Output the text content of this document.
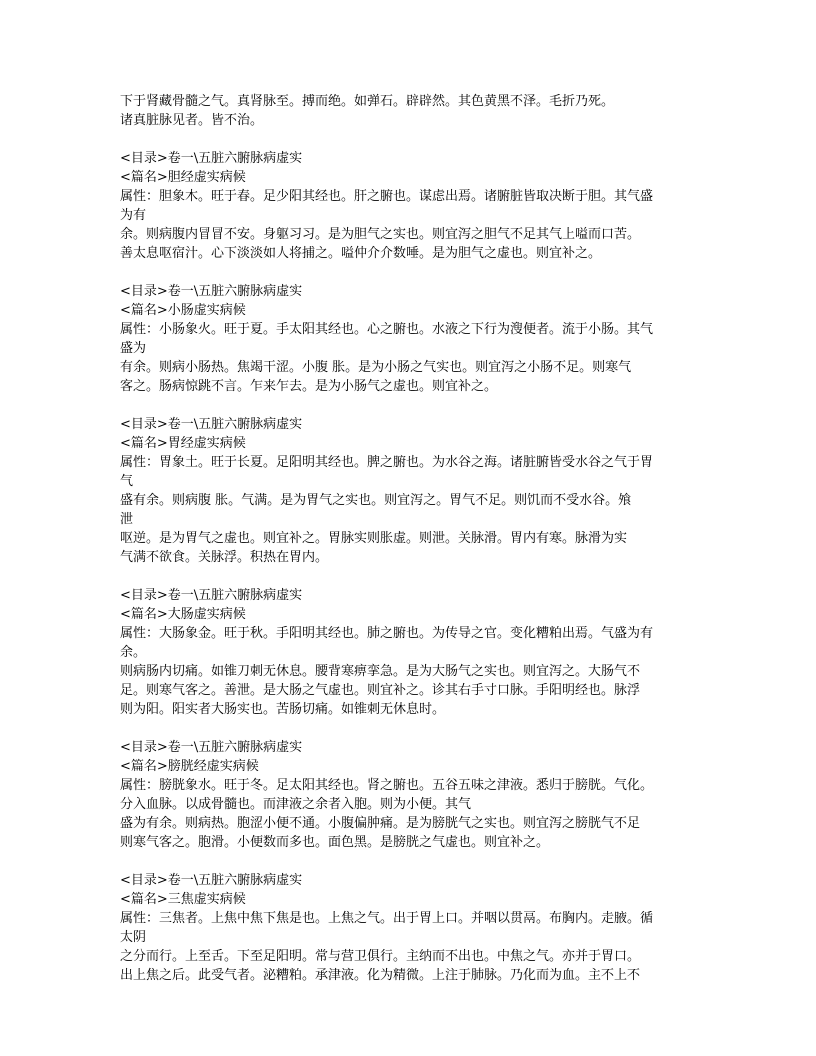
下于肾藏骨髓之气。真肾脉至。搏而绝。如弹石。辟辟然。其色黄黑不泽。毛折乃死。
诸真脏脉见者。皆不治。
<目录>卷一\五脏六腑脉病虚实
<篇名>胆经虚实病候
属性：胆象木。旺于春。足少阳其经也。肝之腑也。谋虑出焉。诸腑脏皆取决断于胆。其气盛
为有
余。则病腹内冒冒不安。身躯习习。是为胆气之实也。则宜泻之胆气不足其气上嗌而口苦。
善太息呕宿汁。心下淡淡如人将捕之。嗌仲介介数唾。是为胆气之虚也。则宜补之。
<目录>卷一\五脏六腑脉病虚实
<篇名>小肠虚实病候
属性：小肠象火。旺于夏。手太阳其经也。心之腑也。水液之下行为溲便者。流于小肠。其气
盛为
有余。则病小肠热。焦竭干涩。小腹 胀。是为小肠之气实也。则宜泻之小肠不足。则寒气
客之。肠病惊跳不言。乍来乍去。是为小肠气之虚也。则宜补之。
<目录>卷一\五脏六腑脉病虚实
<篇名>胃经虚实病候
属性：胃象土。旺于长夏。足阳明其经也。脾之腑也。为水谷之海。诸脏腑皆受水谷之气于胃
气
盛有余。则病腹 胀。气满。是为胃气之实也。则宜泻之。胃气不足。则饥而不受水谷。飧
泄
呕逆。是为胃气之虚也。则宜补之。胃脉实则胀虚。则泄。关脉滑。胃内有寒。脉滑为实
气满不欲食。关脉浮。积热在胃内。
<目录>卷一\五脏六腑脉病虚实
<篇名>大肠虚实病候
属性：大肠象金。旺于秋。手阳明其经也。肺之腑也。为传导之官。变化糟粕出焉。气盛为有
余。
则病肠内切痛。如锥刀刺无休息。腰背寒痹挛急。是为大肠气之实也。则宜泻之。大肠气不
足。则寒气客之。善泄。是大肠之气虚也。则宜补之。诊其右手寸口脉。手阳明经也。脉浮
则为阳。阳实者大肠实也。苦肠切痛。如锥刺无休息时。
<目录>卷一\五脏六腑脉病虚实
<篇名>膀胱经虚实病候
属性：膀胱象水。旺于冬。足太阳其经也。肾之腑也。五谷五味之津液。悉归于膀胱。气化。
分入血脉。以成骨髓也。而津液之余者入胞。则为小便。其气
盛为有余。则病热。胞涩小便不通。小腹偏肿痛。是为膀胱气之实也。则宜泻之膀胱气不足
则寒气客之。胞滑。小便数而多也。面色黑。是膀胱之气虚也。则宜补之。
<目录>卷一\五脏六腑脉病虚实
<篇名>三焦虚实病候
属性：三焦者。上焦中焦下焦是也。上焦之气。出于胃上口。并咽以贯鬲。布胸内。走腋。循
太阴
之分而行。上至舌。下至足阳明。常与营卫俱行。主纳而不出也。中焦之气。亦并于胃口。
出上焦之后。此受气者。泌糟粕。承津液。化为精微。上注于肺脉。乃化而为血。主不上不
